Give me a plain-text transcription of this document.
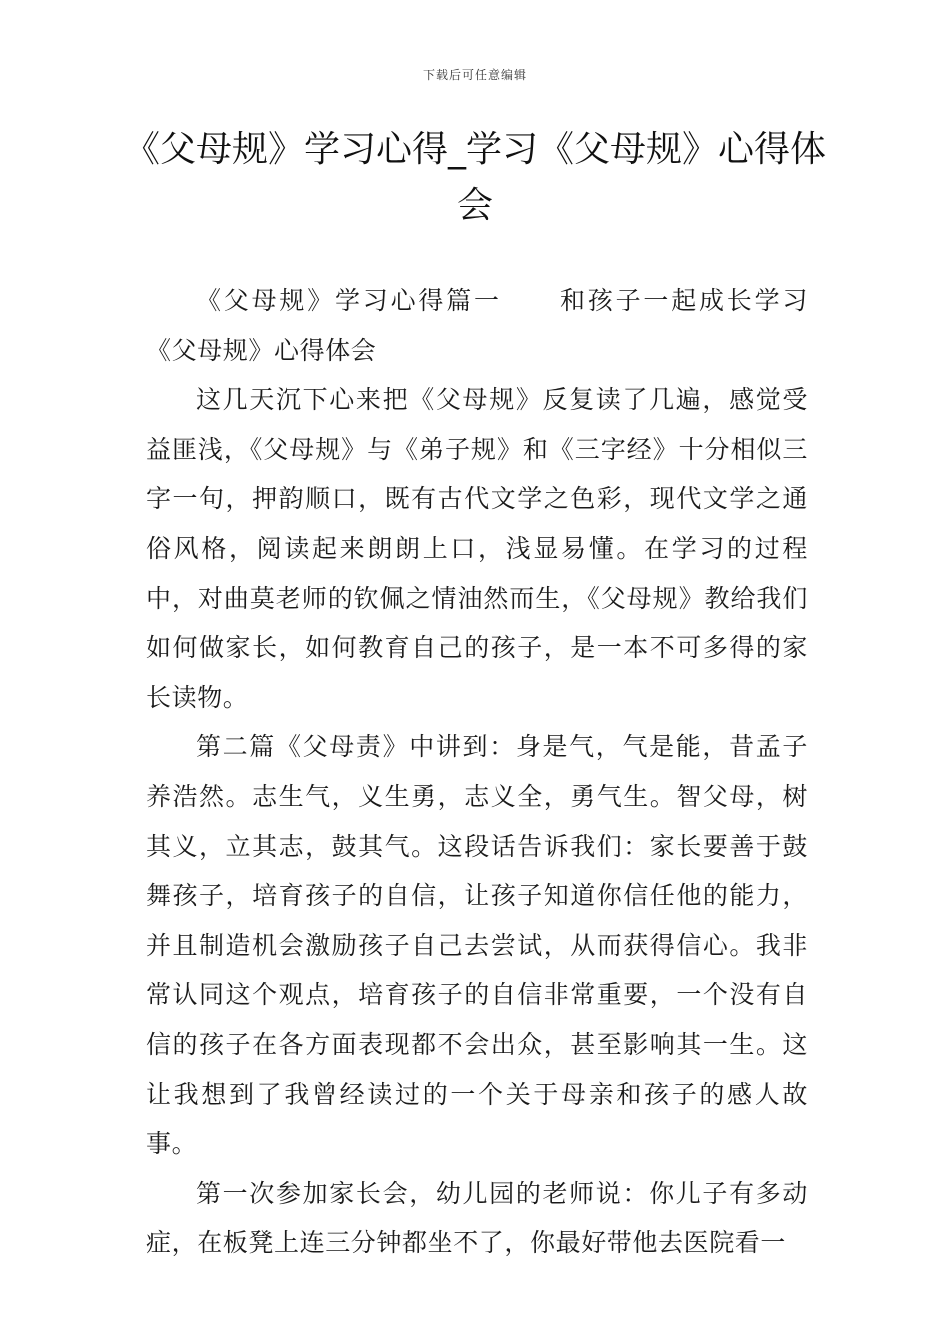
下载后可任意编辑
《父母规》学习心得_学习《父母规》心得体会

《父母规》学习心得篇一 和孩子一起成长学习《父母规》心得体会

这几天沉下心来把《父母规》反复读了几遍，感觉受益匪浅，《父母规》与《弟子规》和《三字经》十分相似三字一句，押韵顺口，既有古代文学之色彩，现代文学之通俗风格，阅读起来朗朗上口，浅显易懂。在学习的过程中，对曲莫老师的钦佩之情油然而生，《父母规》教给我们如何做家长，如何教育自己的孩子，是一本不可多得的家长读物。

第二篇《父母责》中讲到：身是气，气是能，昔孟子养浩然。志生气，义生勇，志义全，勇气生。智父母，树其义，立其志，鼓其气。这段话告诉我们：家长要善于鼓舞孩子，培育孩子的自信，让孩子知道你信任他的能力，并且制造机会激励孩子自己去尝试，从而获得信心。我非常认同这个观点，培育孩子的自信非常重要，一个没有自信的孩子在各方面表现都不会出众，甚至影响其一生。这让我想到了我曾经读过的一个关于母亲和孩子的感人故事。

第一次参加家长会，幼儿园的老师说：你儿子有多动症，在板凳上连三分钟都坐不了，你最好带他去医院看一
